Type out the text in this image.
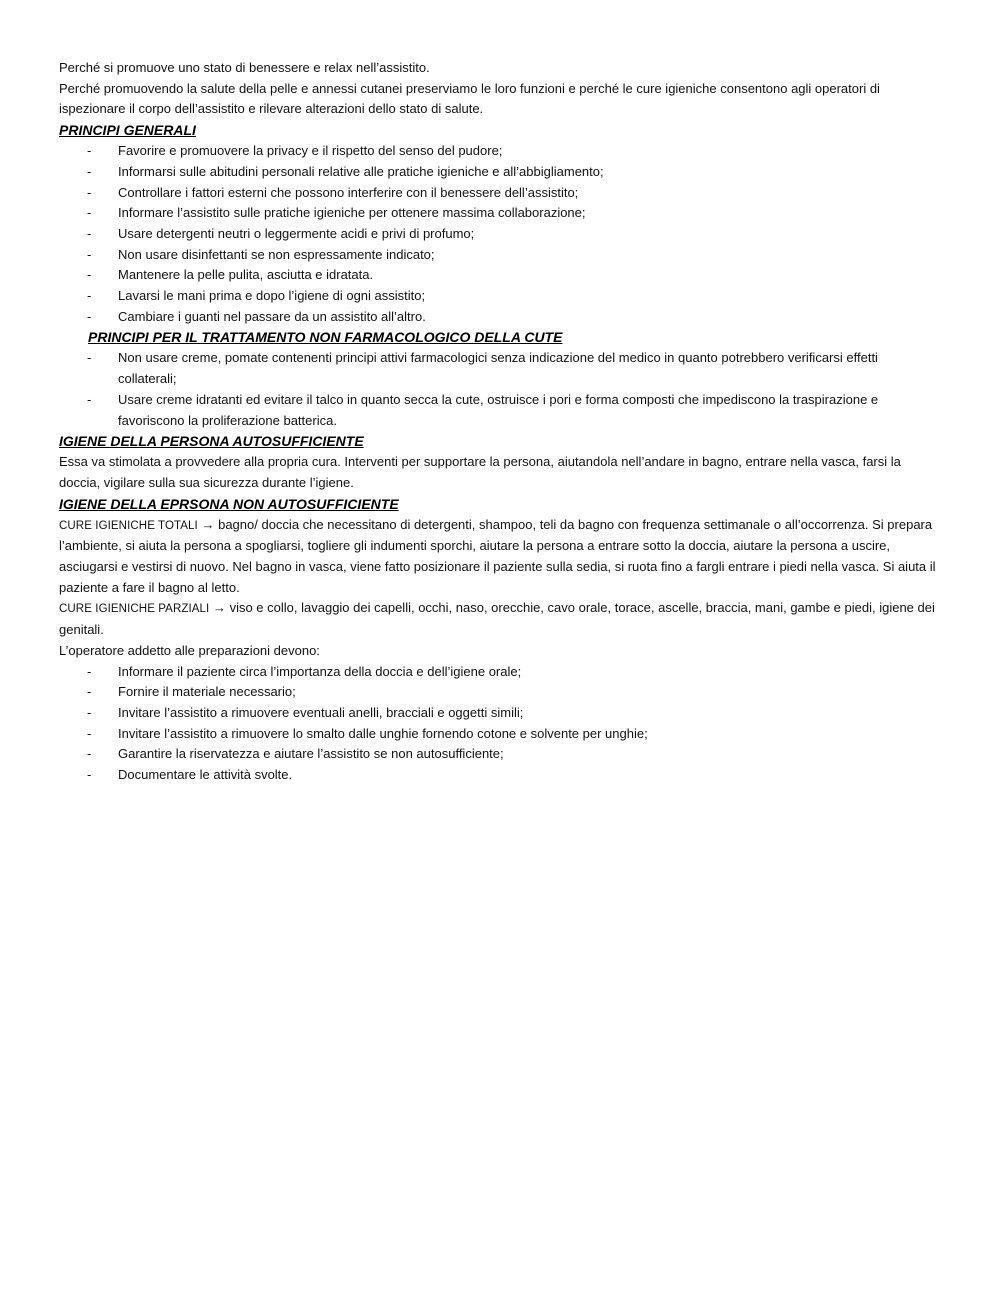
Perché si promuove uno stato di benessere e relax nell’assistito.

Perché promuovendo la salute della pelle e annessi cutanei preserviamo le loro funzioni e perché le cure igieniche consentono agli operatori di ispezionare il corpo dell’assistito e rilevare alterazioni dello stato di salute.

PRINCIPI GENERALI

- Favorire e promuovere la privacy e il rispetto del senso del pudore;
- Informarsi sulle abitudini personali relative alle pratiche igieniche e all’abbigliamento;
- Controllare i fattori esterni che possono interferire con il benessere dell’assistito;
- Informare l’assistito sulle pratiche igieniche per ottenere massima collaborazione;
- Usare detergenti neutri o leggermente acidi e privi di profumo;
- Non usare disinfettanti se non espressamente indicato;
- Mantenere la pelle pulita, asciutta e idratata.
- Lavarsi le mani prima e dopo l’igiene di ogni assistito;
- Cambiare i guanti nel passare da un assistito all’altro.

PRINCIPI PER IL TRATTAMENTO NON FARMACOLOGICO DELLA CUTE

- Non usare creme, pomate contenenti principi attivi farmacologici senza indicazione del medico in quanto potrebbero verificarsi effetti collaterali;
- Usare creme idratanti ed evitare il talco in quanto secca la cute, ostruisce i pori e forma composti che impediscono la traspirazione e favoriscono la proliferazione batterica.

IGIENE DELLA PERSONA AUTOSUFFICIENTE

Essa va stimolata a provvedere alla propria cura. Interventi per supportare la persona, aiutandola nell’andare in bagno, entrare nella vasca, farsi la doccia, vigilare sulla sua sicurezza durante l’igiene.

IGIENE DELLA EPRSONA NON AUTOSUFFICIENTE

CURE IGIENICHE TOTALI → bagno/ doccia che necessitano di detergenti, shampoo, teli da bagno con frequenza settimanale o all’occorrenza. Si prepara l’ambiente, si aiuta la persona a spogliarsi, togliere gli indumenti sporchi, aiutare la persona a entrare sotto la doccia, aiutare la persona a uscire, asciugarsi e vestirsi di nuovo. Nel bagno in vasca, viene fatto posizionare il paziente sulla sedia, si ruota fino a fargli entrare i piedi nella vasca. Si aiuta il paziente a fare il bagno al letto.

CURE IGIENICHE PARZIALI → viso e collo, lavaggio dei capelli, occhi, naso, orecchie, cavo orale, torace, ascelle, braccia, mani, gambe e piedi, igiene dei genitali.

L’operatore addetto alle preparazioni devono:

- Informare il paziente circa l’importanza della doccia e dell’igiene orale;
- Fornire il materiale necessario;
- Invitare l’assistito a rimuovere eventuali anelli, bracciali e oggetti simili;
- Invitare l’assistito a rimuovere lo smalto dalle unghie fornendo cotone e solvente per unghie;
- Garantire la riservatezza e aiutare l’assistito se non autosufficiente;
- Documentare le attività svolte.
